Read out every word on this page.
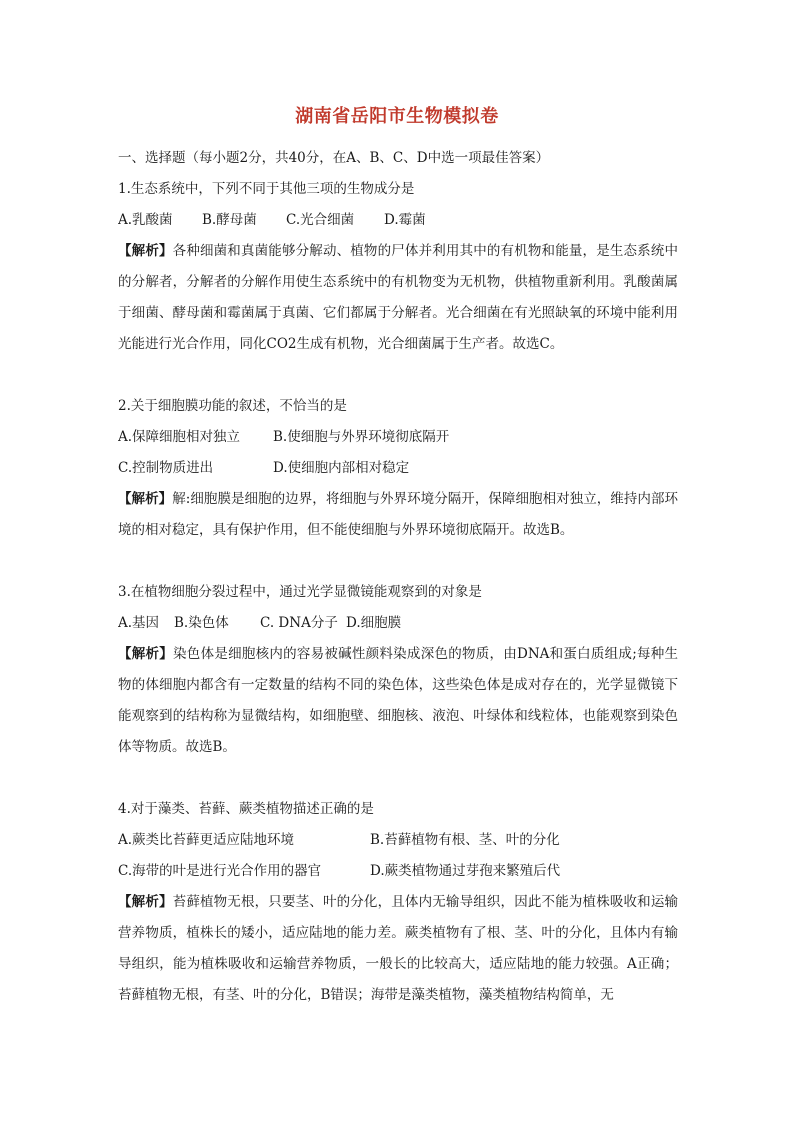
湖南省岳阳市生物模拟卷
一、选择题（每小题2分，共40分，在A、B、C、D中选一项最佳答案）
1.生态系统中，下列不同于其他三项的生物成分是
A.乳酸菌 B.酵母菌 C.光合细菌 D.霉菌
【解析】各种细菌和真菌能够分解动、植物的尸体并利用其中的有机物和能量，是生态系统中的分解者，分解者的分解作用使生态系统中的有机物变为无机物，供植物重新利用。乳酸菌属于细菌、酵母菌和霉菌属于真菌、它们都属于分解者。光合细菌在有光照缺氧的环境中能利用光能进行光合作用，同化CO2生成有机物，光合细菌属于生产者。故选C。
2.关于细胞膜功能的叙述，不恰当的是
A.保障细胞相对独立 B.使细胞与外界环境彻底隔开
C.控制物质进出	D.使细胞内部相对稳定
【解析】解:细胞膜是细胞的边界，将细胞与外界环境分隔开，保障细胞相对独立，维持内部环境的相对稳定，具有保护作用，但不能使细胞与外界环境彻底隔开。故选B。
3.在植物细胞分裂过程中，通过光学显微镜能观察到的对象是
A.基因 B.染色体 C. DNA分子 D.细胞膜
【解析】染色体是细胞核内的容易被碱性颜料染成深色的物质，由DNA和蛋白质组成;每种生物的体细胞内都含有一定数量的结构不同的染色体，这些染色体是成对存在的，光学显微镜下能观察到的结构称为显微结构，如细胞壁、细胞核、液泡、叶绿体和线粒体，也能观察到染色体等物质。故选B。
4.对于藻类、苔藓、蕨类植物描述正确的是
A.蕨类比苔藓更适应陆地环境	B.苔藓植物有根、茎、叶的分化
C.海带的叶是进行光合作用的器官	D.蕨类植物通过芽孢来繁殖后代
【解析】苔藓植物无根，只要茎、叶的分化，且体内无输导组织，因此不能为植株吸收和运输营养物质，植株长的矮小，适应陆地的能力差。蕨类植物有了根、茎、叶的分化，且体内有输导组织，能为植株吸收和运输营养物质，一般长的比较高大，适应陆地的能力较强。A正确；苔藓植物无根，有茎、叶的分化，B错误；海带是藻类植物，藻类植物结构简单，无
